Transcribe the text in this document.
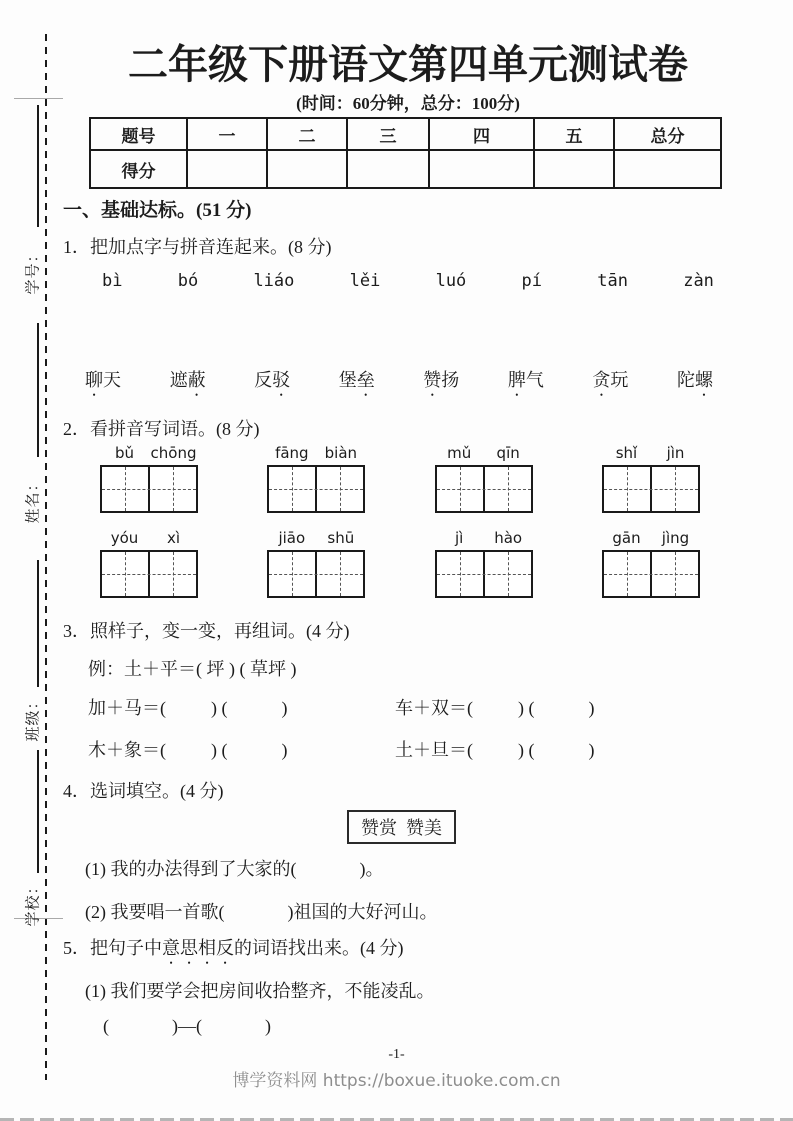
学号：
姓名：
班级：
学校：
二年级下册语文第四单元测试卷
(时间：60分钟，总分：100分)
题号	一	二	三	四	五	总分
得分						
一、基础达标。(51 分)
1．把加点字与拼音连起来。(8 分)
bì	bó	liáo	lěi	luó	pí	tān	zàn
聊天	遮蔽	反驳	堡垒	赞扬	脾气	贪玩	陀螺
2．看拼音写词语。(8 分)
bǔ	chōng	fāng	biàn	mǔ	qīn	shǐ	jìn
yóu	xì	jiāo	shū	jì	hào	gān	jìng
3．照样子，变一变，再组词。(4 分)
例：土＋平＝( 坪 ) ( 草坪 )
加＋马＝(          ) (            )	车＋双＝(          ) (            )
木＋象＝(          ) (            )	土＋旦＝(          ) (            )
4．选词填空。(4 分)
赞赏  赞美
(1) 我的办法得到了大家的(              )。
(2) 我要唱一首歌(              )祖国的大好河山。
5．把句子中意思相反的词语找出来。(4 分)
(1) 我们要学会把房间收拾整齐，不能凌乱。
(              )—(              )
-1-
博学资料网 https://boxue.ituoke.com.cn
